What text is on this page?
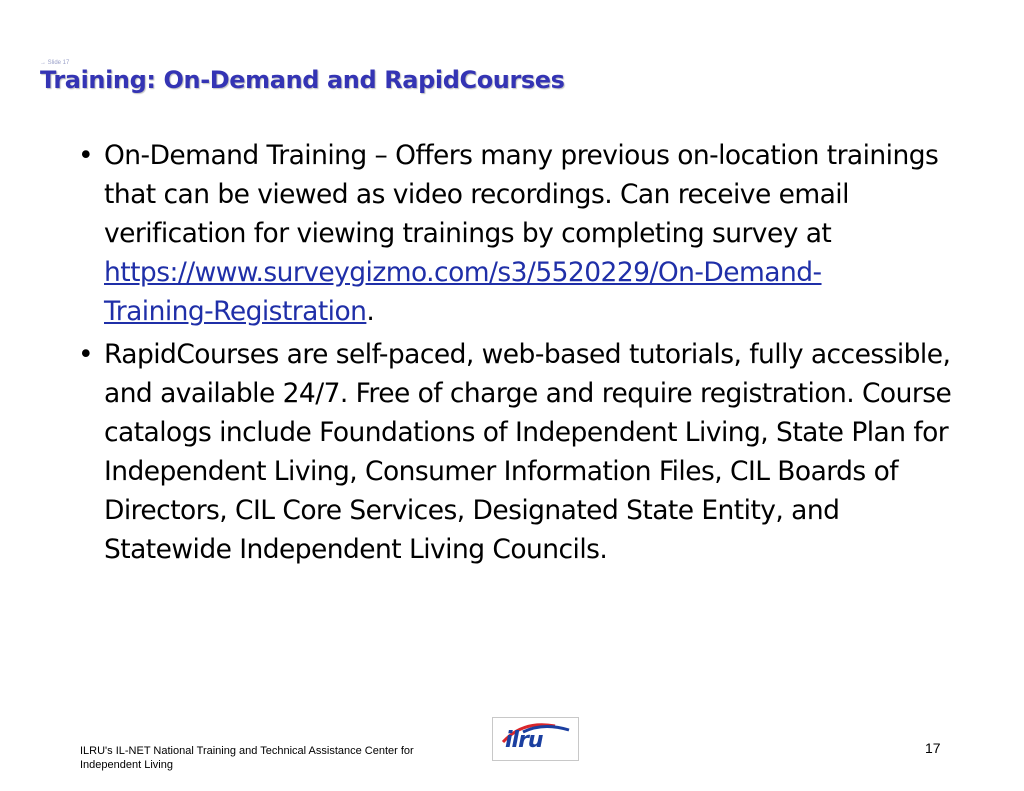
→ Slide 17
Training: On-Demand and RapidCourses
• On-Demand Training – Offers many previous on-location trainings that can be viewed as video recordings. Can receive email verification for viewing trainings by completing survey at https://www.surveygizmo.com/s3/5520229/On-Demand-
Training-Registration.
• RapidCourses are self-paced, web-based tutorials, fully accessible, and available 24/7. Free of charge and require registration. Course catalogs include Foundations of Independent Living, State Plan for Independent Living, Consumer Information Files, CIL Boards of Directors, CIL Core Services, Designated State Entity, and Statewide Independent Living Councils.
ILRU's IL-NET National Training and Technical Assistance Center for
Independent Living
ilru	17
